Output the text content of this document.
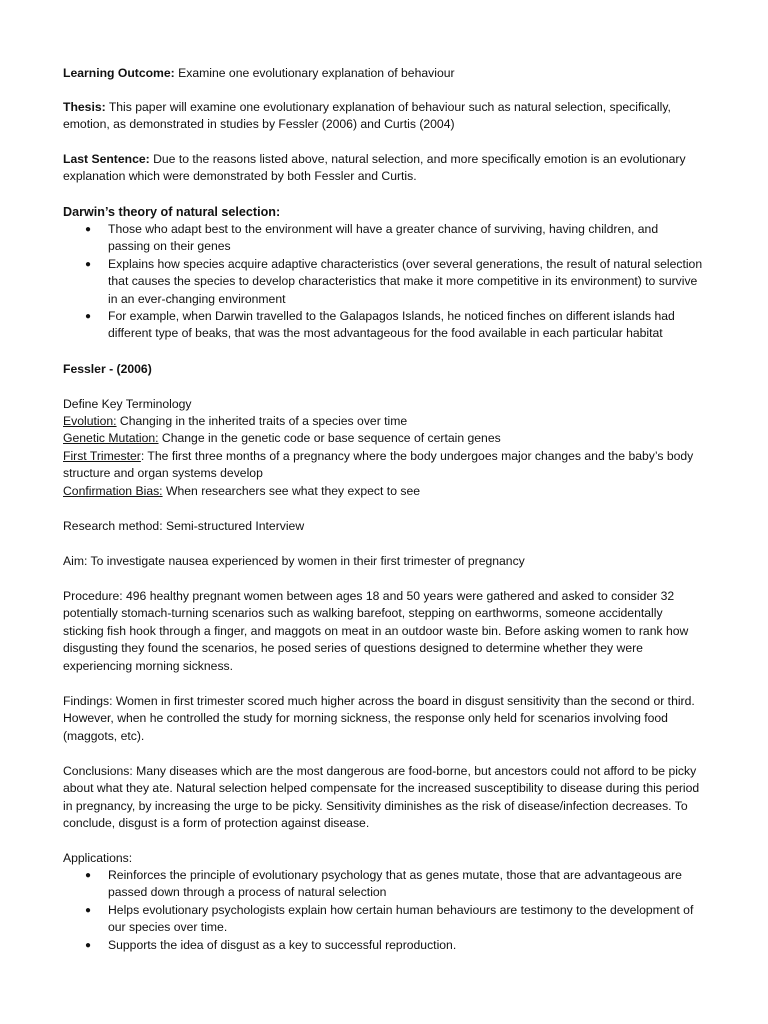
Learning Outcome: Examine one evolutionary explanation of behaviour

Thesis: This paper will examine one evolutionary explanation of behaviour such as natural selection, specifically, emotion, as demonstrated in studies by Fessler (2006) and Curtis (2004)

Last Sentence: Due to the reasons listed above, natural selection, and more specifically emotion is an evolutionary explanation which were demonstrated by both Fessler and Curtis.

Darwin’s theory of natural selection:

● Those who adapt best to the environment will have a greater chance of surviving, having children, and passing on their genes
● Explains how species acquire adaptive characteristics (over several generations, the result of natural selection that causes the species to develop characteristics that make it more competitive in its environment) to survive in an ever-changing environment
● For example, when Darwin travelled to the Galapagos Islands, he noticed finches on different islands had different type of beaks, that was the most advantageous for the food available in each particular habitat

Fessler - (2006)

Define Key Terminology

Evolution: Changing in the inherited traits of a species over time
Genetic Mutation: Change in the genetic code or base sequence of certain genes
First Trimester: The first three months of a pregnancy where the body undergoes major changes and the baby’s body structure and organ systems develop
Confirmation Bias: When researchers see what they expect to see

Research method: Semi-structured Interview

Aim: To investigate nausea experienced by women in their first trimester of pregnancy

Procedure: 496 healthy pregnant women between ages 18 and 50 years were gathered and asked to consider 32 potentially stomach-turning scenarios such as walking barefoot, stepping on earthworms, someone accidentally sticking fish hook through a finger, and maggots on meat in an outdoor waste bin. Before asking women to rank how disgusting they found the scenarios, he posed series of questions designed to determine whether they were experiencing morning sickness.

Findings: Women in first trimester scored much higher across the board in disgust sensitivity than the second or third. However, when he controlled the study for morning sickness, the response only held for scenarios involving food (maggots, etc).

Conclusions: Many diseases which are the most dangerous are food-borne, but ancestors could not afford to be picky about what they ate. Natural selection helped compensate for the increased susceptibility to disease during this period in pregnancy, by increasing the urge to be picky. Sensitivity diminishes as the risk of disease/infection decreases. To conclude, disgust is a form of protection against disease.

Applications:

● Reinforces the principle of evolutionary psychology that as genes mutate, those that are advantageous are passed down through a process of natural selection
● Helps evolutionary psychologists explain how certain human behaviours are testimony to the development of our species over time.
● Supports the idea of disgust as a key to successful reproduction.
